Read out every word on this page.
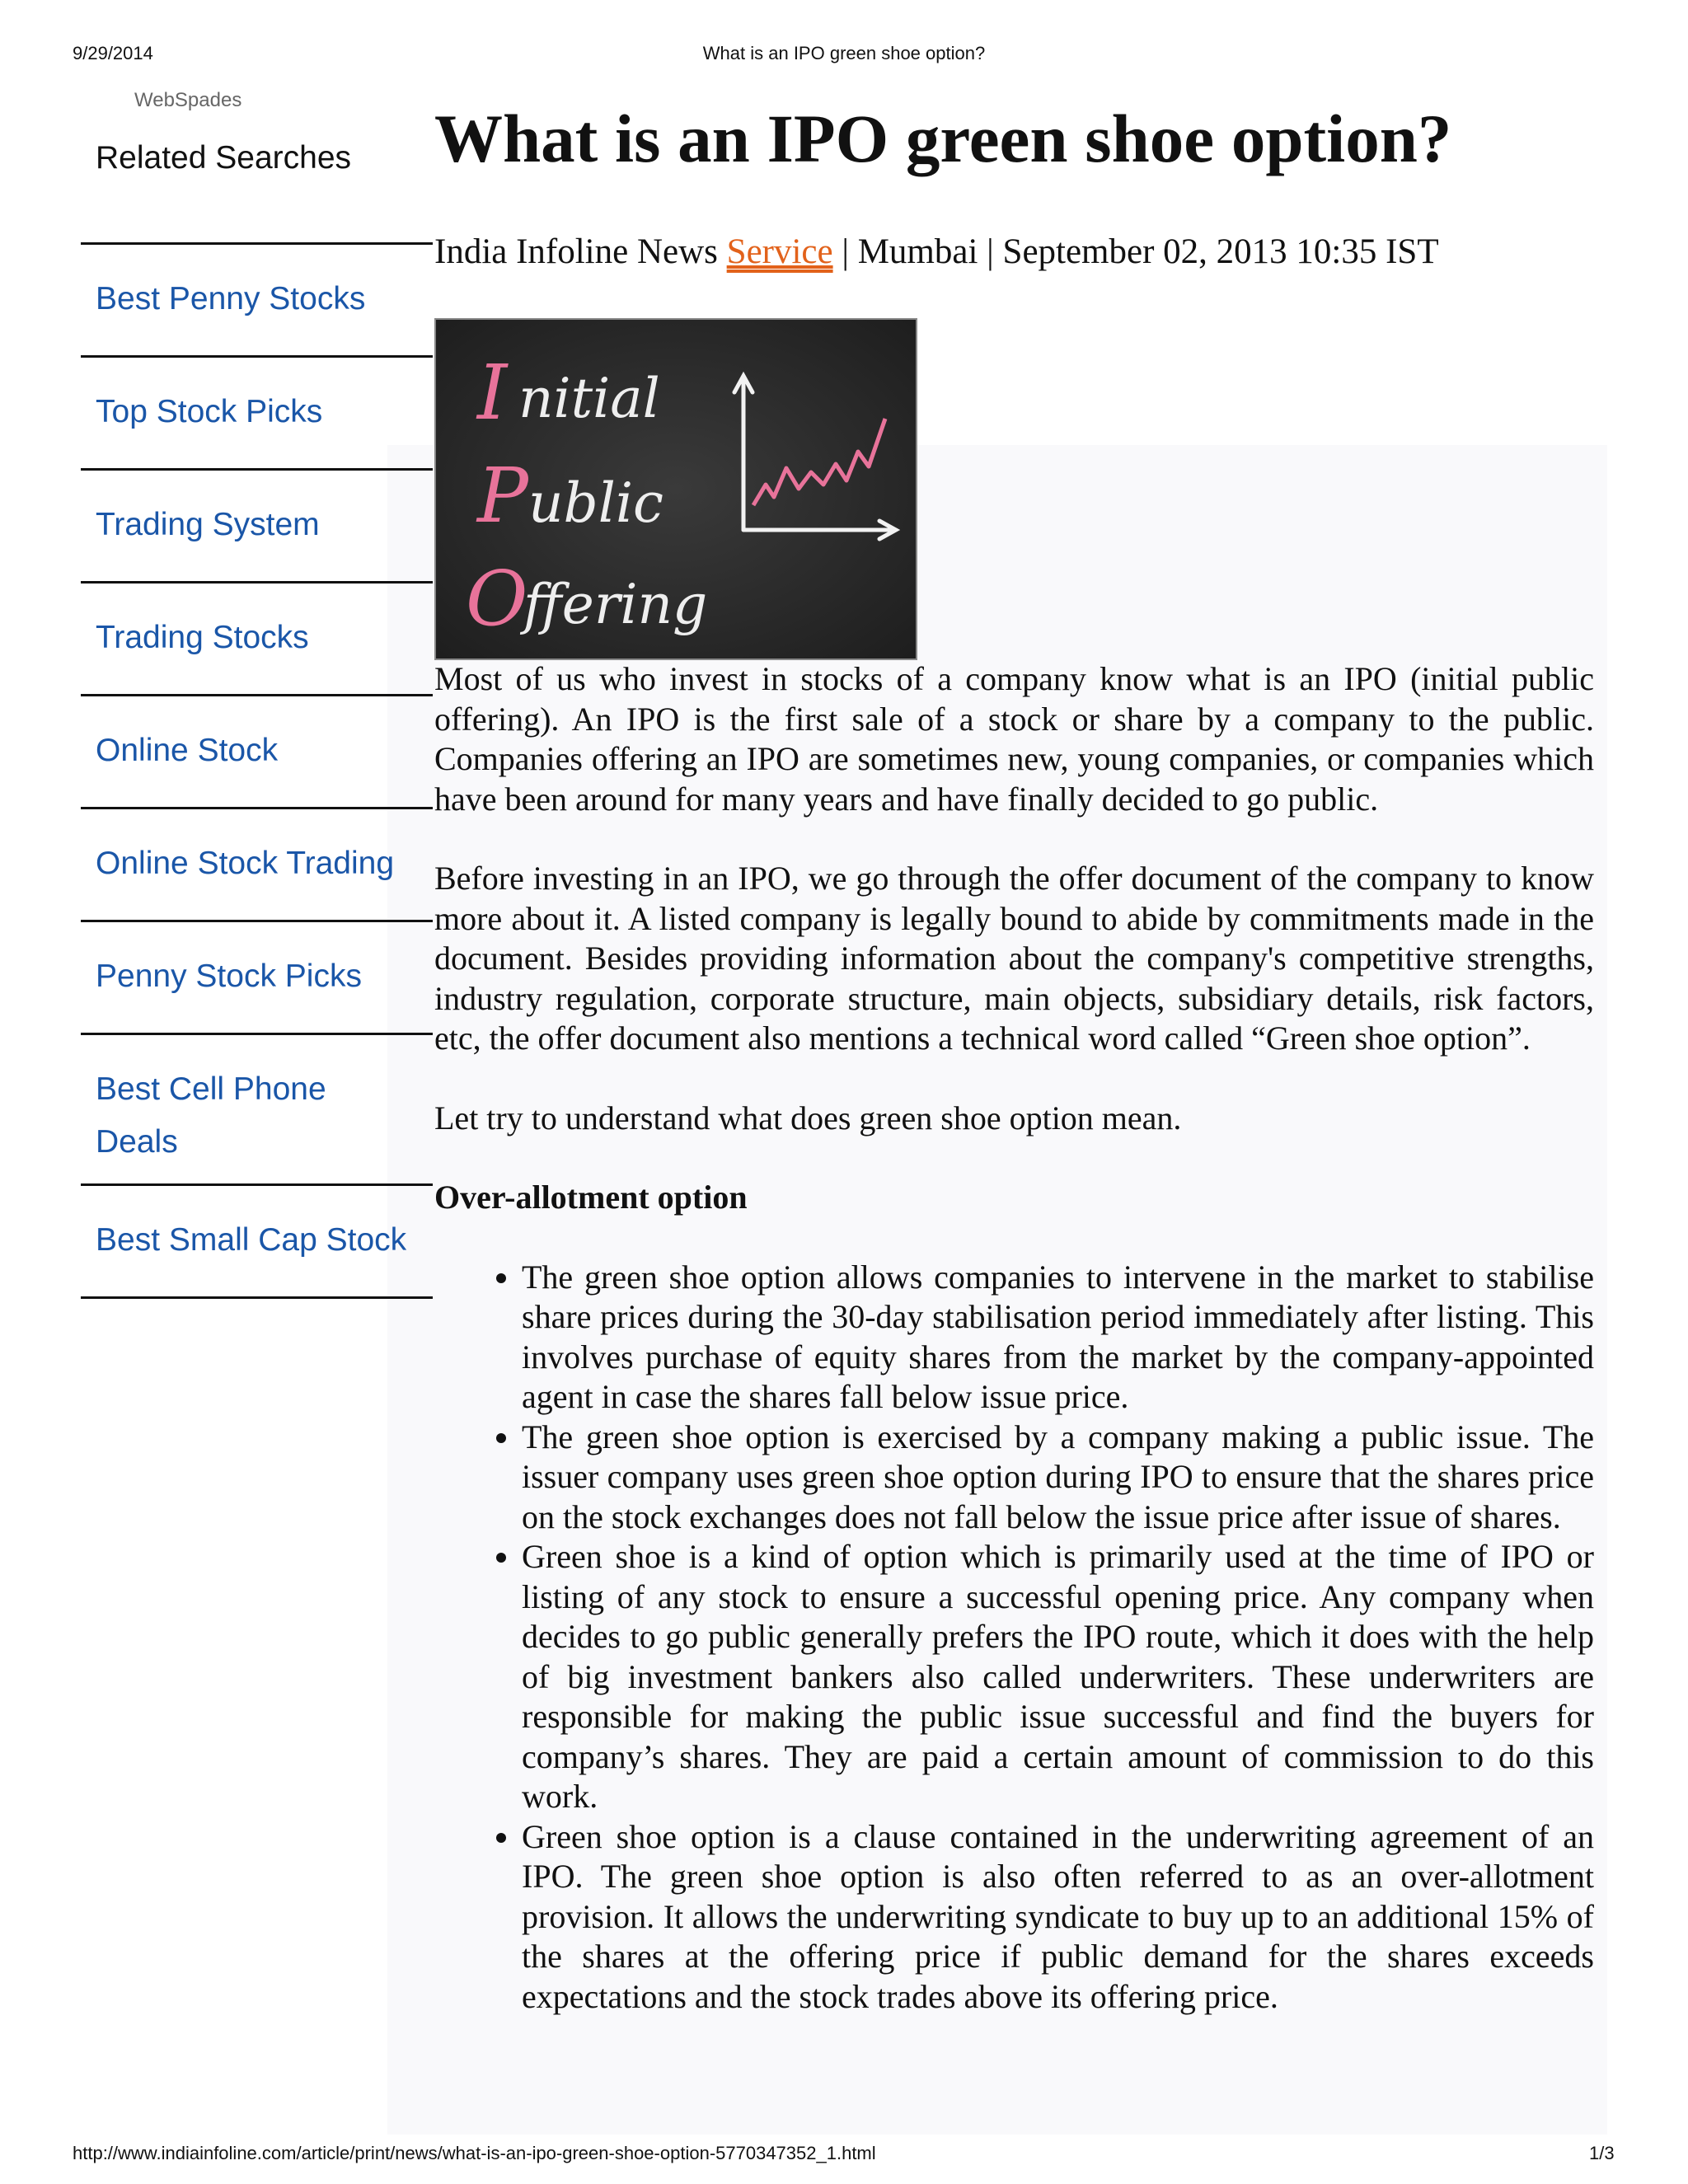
9/29/2014	What is an IPO green shoe option?
WebSpades
Related Searches
Best Penny Stocks
Top Stock Picks
Trading System
Trading Stocks
Online Stock
Online Stock Trading
Penny Stock Picks
Best Cell Phone
Deals
Best Small Cap Stock
What is an IPO green shoe option?
India Infoline News Service | Mumbai | September 02, 2013 10:35 IST
I nitial
P ublic
O
ffering

Most of us who invest in stocks of a company know what is an IPO (initial public offering). An IPO is the first sale of a stock or share by a company to the public. Companies offering an IPO are sometimes new, young companies, or companies which have been around for many years and have finally decided to go public.

Before investing in an IPO, we go through the offer document of the company to know more about it. A listed company is legally bound to abide by commitments made in the document. Besides providing information about the company's competitive strengths, industry regulation, corporate structure, main objects, subsidiary details, risk factors, etc, the offer document also mentions a technical word called “Green shoe option”.

Let try to understand what does green shoe option mean.

Over-allotment option

• The green shoe option allows companies to intervene in the market to stabilise share prices during the 30-day stabilisation period immediately after listing. This involves purchase of equity shares from the market by the company-appointed agent in case the shares fall below issue price.
• The green shoe option is exercised by a company making a public issue. The issuer company uses green shoe option during IPO to ensure that the shares price on the stock exchanges does not fall below the issue price after issue of shares.
• Green shoe is a kind of option which is primarily used at the time of IPO or listing of any stock to ensure a successful opening price. Any company when decides to go public generally prefers the IPO route, which it does with the help of big investment bankers also called underwriters. These underwriters are responsible for making the public issue successful and find the buyers for company’s shares. They are paid a certain amount of commission to do this work.
• Green shoe option is a clause contained in the underwriting agreement of an IPO. The green shoe option is also often referred to as an over-allotment provision. It allows the underwriting syndicate to buy up to an additional 15% of the shares at the offering price if public demand for the shares exceeds expectations and the stock trades above its offering price.
http://www.indiainfoline.com/article/print/news/what-is-an-ipo-green-shoe-option-5770347352_1.html	1/3
